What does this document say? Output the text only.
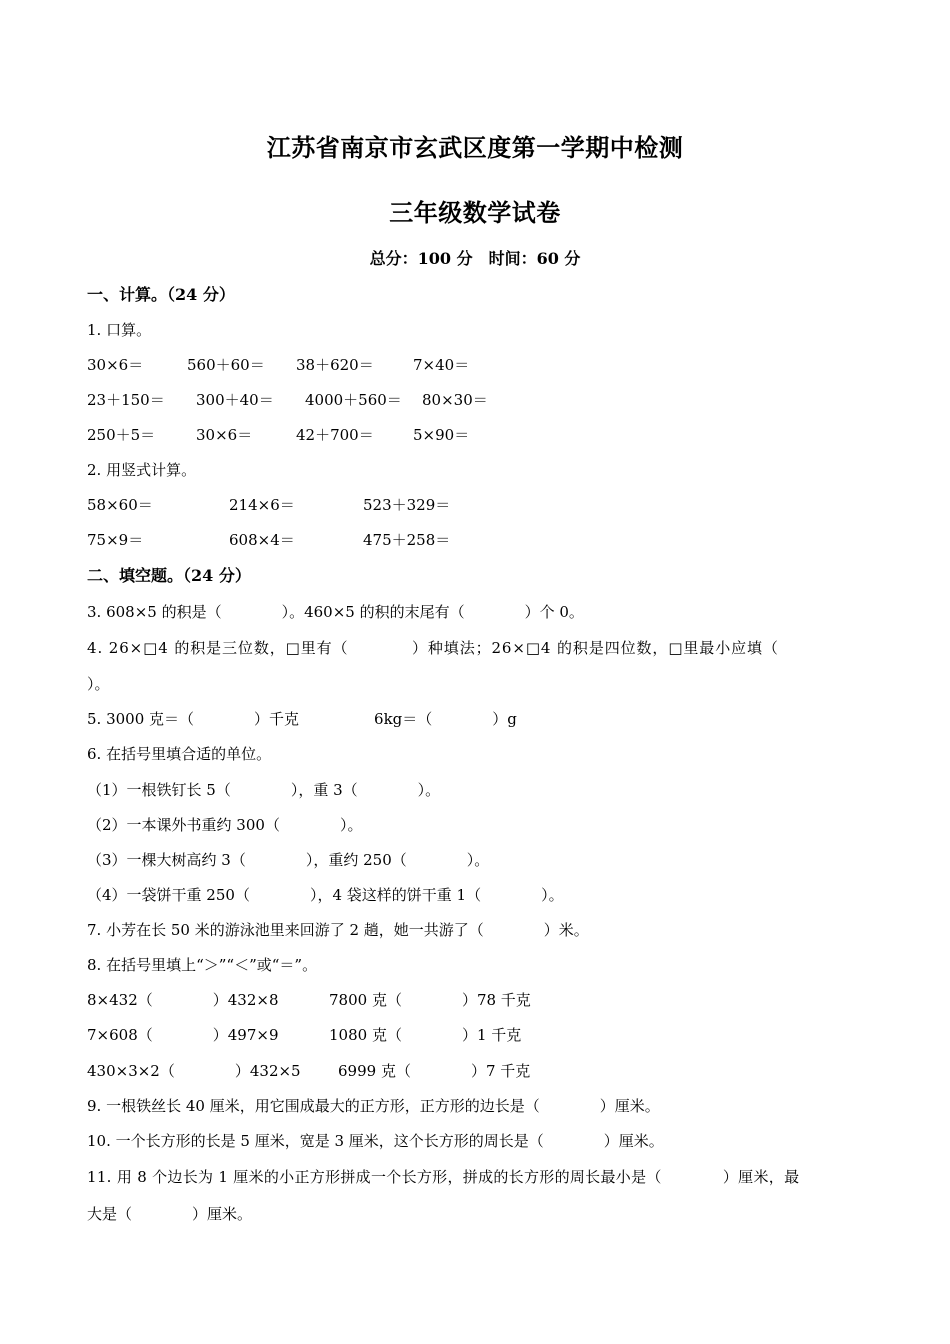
江苏省南京市玄武区度第一学期中检测
三年级数学试卷
总分：100 分　时间：60 分
一、计算。（24 分）
1. 口算。
30×6＝	560＋60＝ 38＋620＝	7×40＝
23＋150＝ 300＋40＝ 4000＋560＝ 80×30＝
250＋5＝	30×6＝	42＋700＝	5×90＝
2. 用竖式计算。
58×60＝	214×6＝	523＋329＝
75×9＝	608×4＝	475＋258＝
二、填空题。（24 分）
3. 608×5 的积是（　　　　）。460×5 的积的末尾有（　　　　）个 0。
4. 26×□4 的积是三位数，□里有（　　　　）种填法；26×□4 的积是四位数，□里最小应填（
）。
5. 3000 克＝（　　　　）千克　　　　　6kg＝（　　　　）g
6. 在括号里填合适的单位。
（1）一根铁钉长 5（　　　　），重 3（　　　　）。
（2）一本课外书重约 300（　　　　）。
（3）一棵大树高约 3（　　　　），重约 250（　　　　）。
（4）一袋饼干重 250（　　　　），4 袋这样的饼干重 1（　　　　）。
7. 小芳在长 50 米的游泳池里来回游了 2 趟，她一共游了（　　　　）米。
8. 在括号里填上“＞”“＜”或“＝”。
8×432（　　　　）432×8	7800 克（　　　　）78 千克
7×608（　　　　）497×9	1080 克（　　　　）1 千克
430×3×2（　　　　）432×5 6999 克（　　　　）7 千克
9. 一根铁丝长 40 厘米，用它围成最大的正方形，正方形的边长是（　　　　）厘米。
10. 一个长方形的长是 5 厘米，宽是 3 厘米，这个长方形的周长是（　　　　）厘米。
11. 用 8 个边长为 1 厘米的小正方形拼成一个长方形，拼成的长方形的周长最小是（　　　　）厘米，最
大是（　　　　）厘米。
